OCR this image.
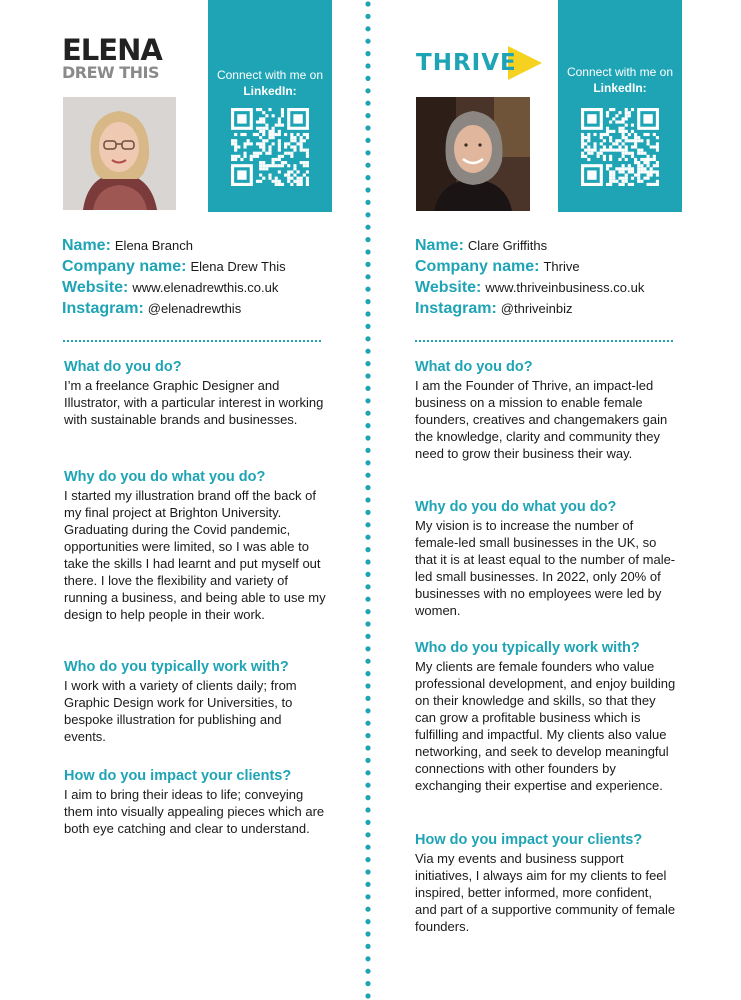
ELENA
DREW THIS	Connect with me on
LinkedIn:
Name: Elena Branch
Company name: Elena Drew This
Website: www.elenadrewthis.co.uk
Instagram: @elenadrewthis
What do you do?
I’m a freelance Graphic Designer and Illustrator, with a particular interest in working with sustainable brands and businesses.
Why do you do what you do?
I started my illustration brand off the back of my final project at Brighton University. Graduating during the Covid pandemic, opportunities were limited, so I was able to take the skills I had learnt and put myself out there. I love the flexibility and variety of running a business, and being able to use my design to help people in their work.
Who do you typically work with?
I work with a variety of clients daily; from Graphic Design work for Universities, to bespoke illustration for publishing and events.
How do you impact your clients?
I aim to bring their ideas to life; conveying them into visually appealing pieces which are both eye catching and clear to understand.
THRIVE	Connect with me on
LinkedIn:
Name: Clare Griffiths
Company name: Thrive
Website: www.thriveinbusiness.co.uk
Instagram: @thriveinbiz
What do you do?
I am the Founder of Thrive, an impact-led business on a mission to enable female founders, creatives and changemakers gain the knowledge, clarity and community they need to grow their business their way.
Why do you do what you do?
My vision is to increase the number of female-led small businesses in the UK, so that it is at least equal to the number of male-led small businesses. In 2022, only 20% of businesses with no employees were led by women.
Who do you typically work with?
My clients are female founders who value professional development, and enjoy building on their knowledge and skills, so that they can grow a profitable business which is fulfilling and impactful. My clients also value networking, and seek to develop meaningful connections with other founders by exchanging their expertise and experience.
How do you impact your clients?
Via my events and business support initiatives, I always aim for my clients to feel inspired, better informed, more confident, and part of a supportive community of female founders.
